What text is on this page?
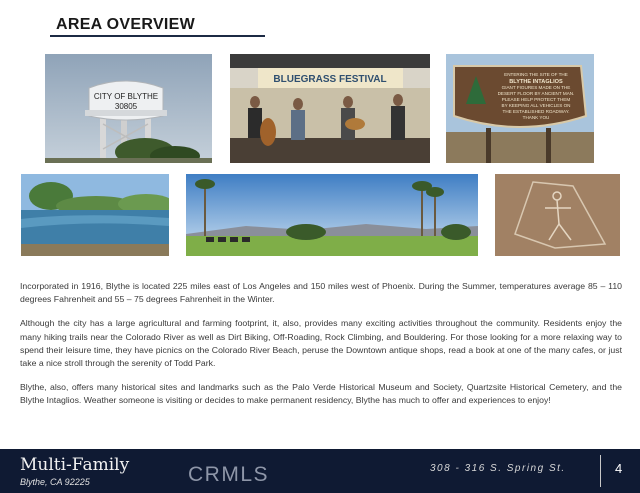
AREA OVERVIEW
CITY OF BLYTHE
30805
BLUEGRASS FESTIVAL	ENTERING THE SITE OF THE
BLYTHE INTAGLIOS
GIANT FIGURES MADE ON THE
DESERT FLOOR BY ANCIENT MAN.
PLEASE HELP PROTECT THEM
BY KEEPING ALL VEHICLES ON
THE ESTABLISHED ROADWAY.
THANK YOU

Incorporated in 1916, Blythe is located 225 miles east of Los Angeles and 150 miles west of Phoenix. During the Summer, temperatures average 85 – 110 degrees Fahrenheit and 55 – 75 degrees Fahrenheit in the Winter.

Although the city has a large agricultural and farming footprint, it, also, provides many exciting activities throughout the community. Residents enjoy the many hiking trails near the Colorado River as well as Dirt Biking, Off-Roading, Rock Climbing, and Bouldering. For those looking for a more relaxing way to spend their leisure time, they have picnics on the Colorado River Beach, peruse the Downtown antique shops, read a book at one of the many cafes, or just take a nice stroll through the serenity of Todd Park.

Blythe, also, offers many historical sites and landmarks such as the Palo Verde Historical Museum and Society, Quartzsite Historical Cemetery, and the Blythe Intaglios. Weather someone is visiting or decides to make permanent residency, Blythe has much to offer and experiences to enjoy!

Multi-Family
Blythe, CA 92225	CRMLS	308 - 316 S. Spring St.	4
